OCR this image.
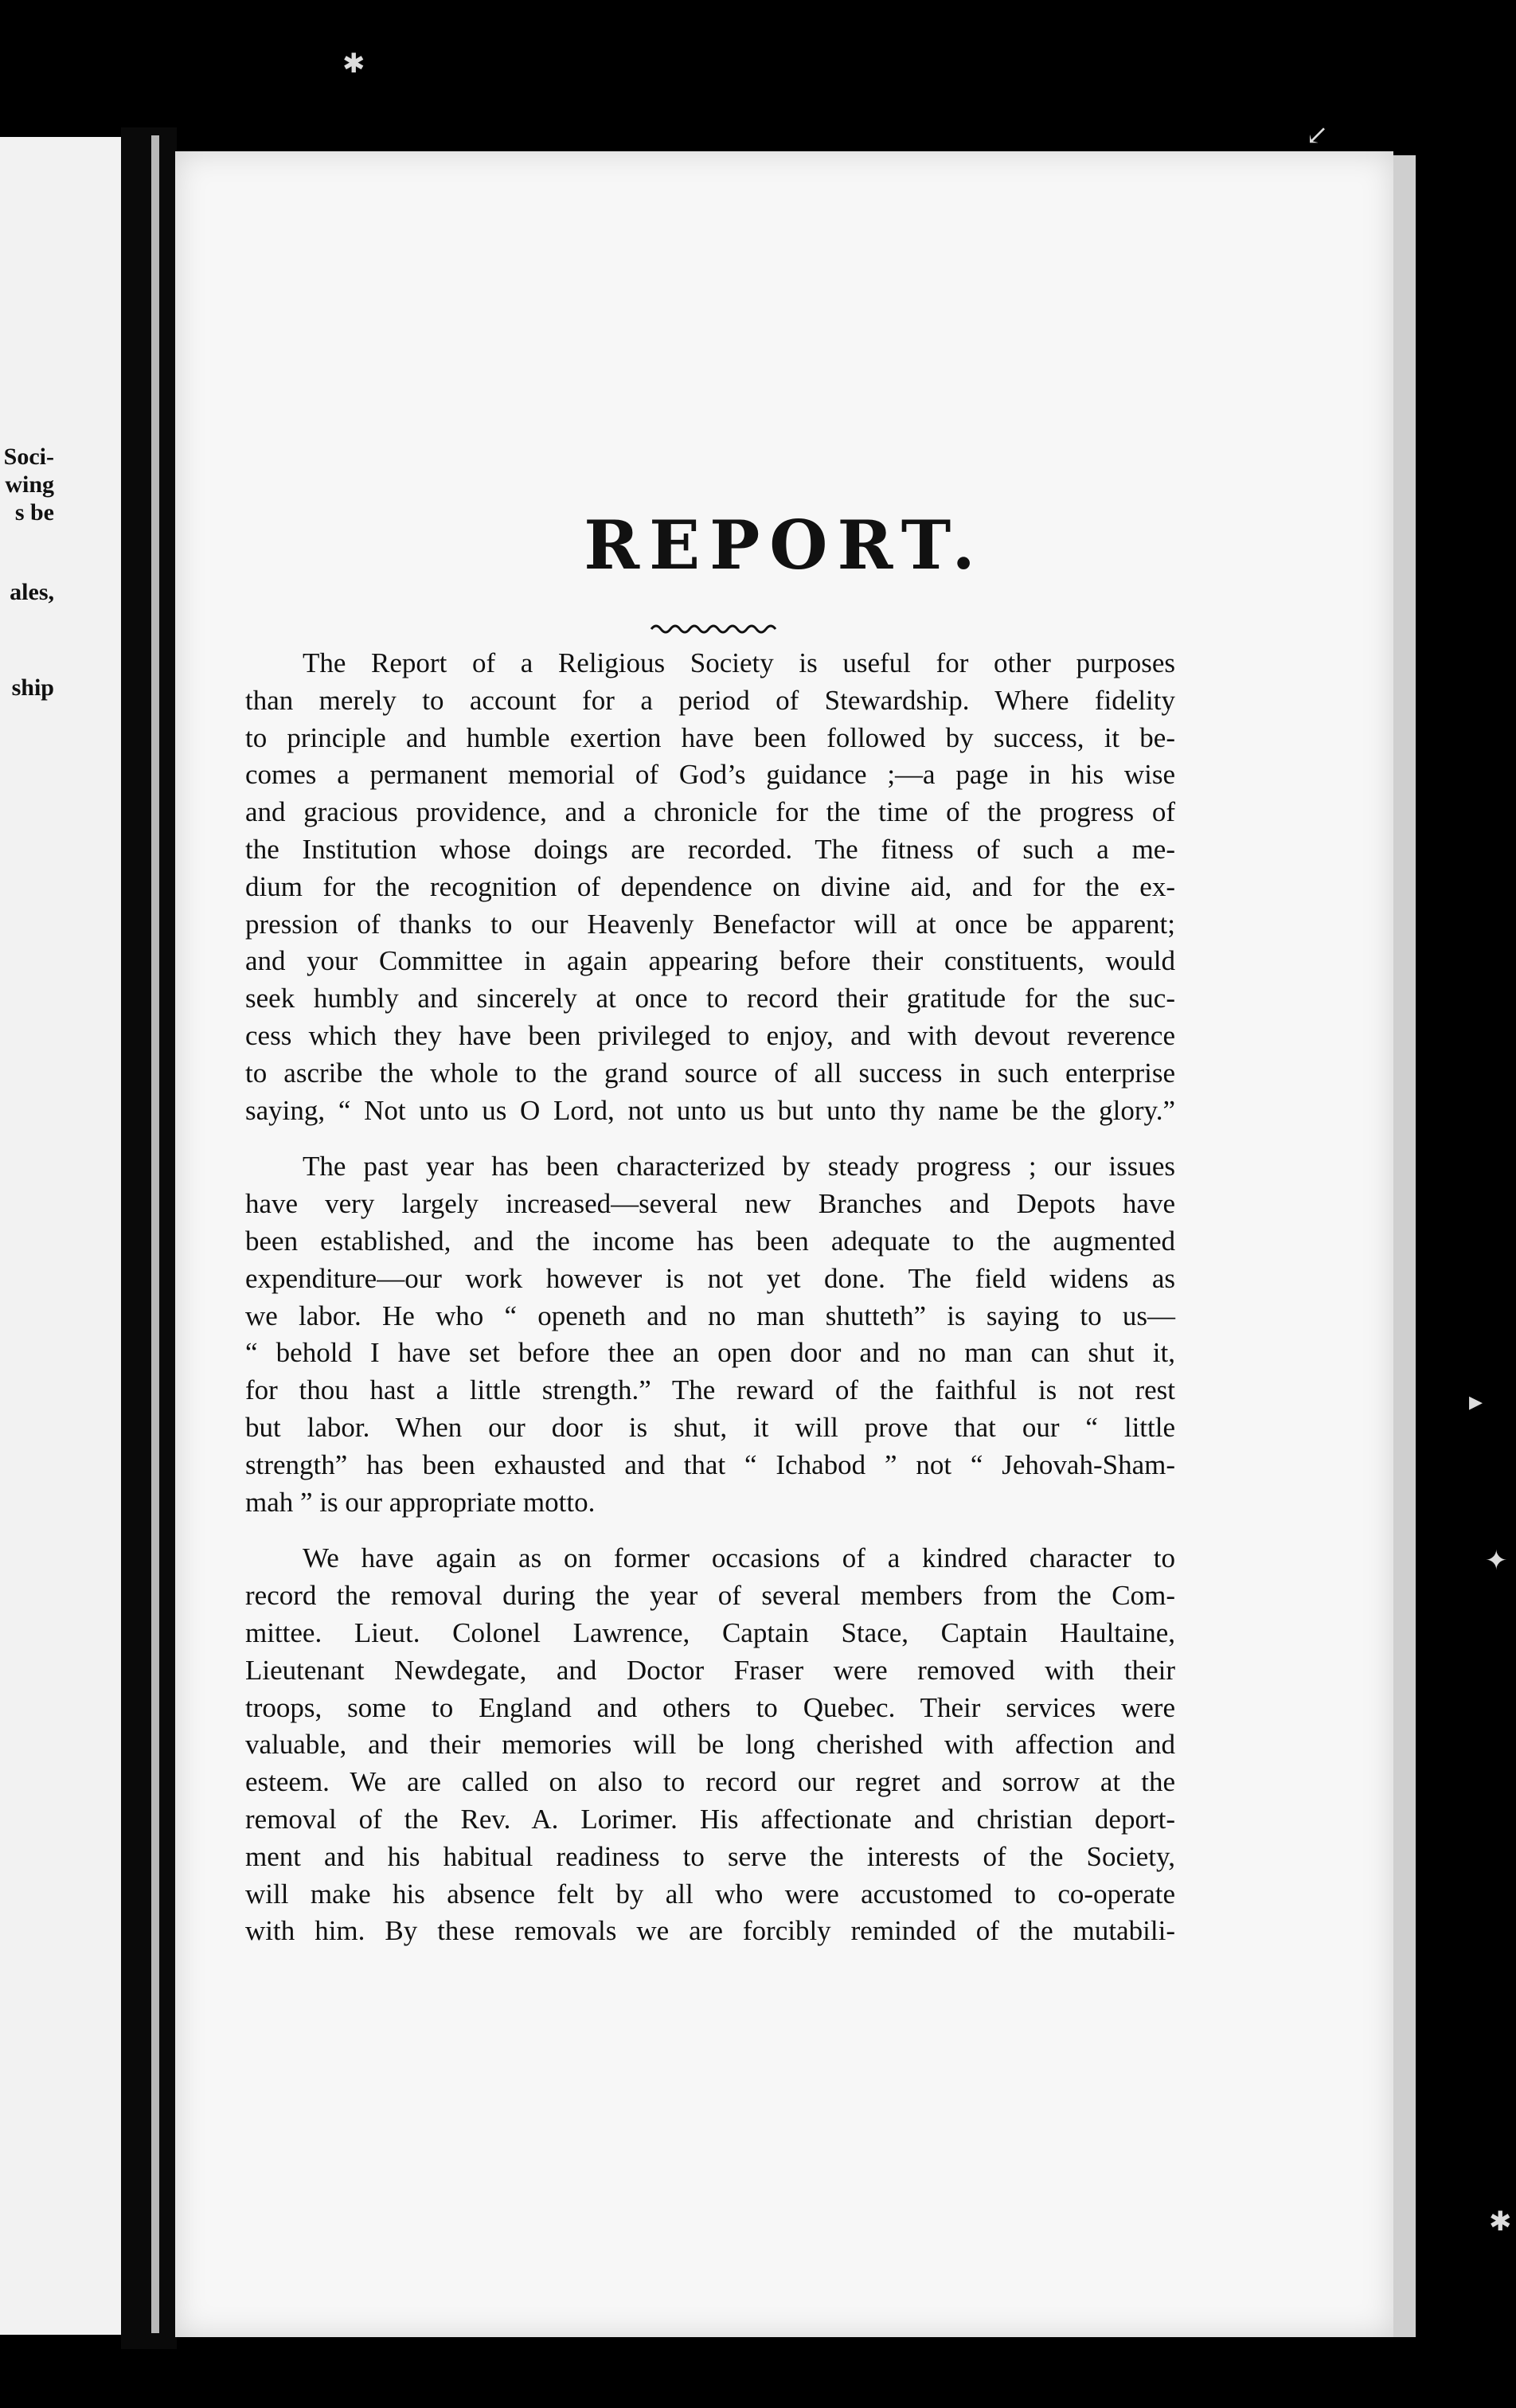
Soci-
wing
s be
ales,
ship
REPORT.

The Report of a Religious Society is useful for other purposes
than merely to account for a period of Stewardship. Where fidelity
to principle and humble exertion have been followed by success, it be-
comes a permanent memorial of God’s guidance ;—a page in his wise
and gracious providence, and a chronicle for the time of the progress of
the Institution whose doings are recorded. The fitness of such a me-
dium for the recognition of dependence on divine aid, and for the ex-
pression of thanks to our Heavenly Benefactor will at once be apparent;
and your Committee in again appearing before their constituents, would
seek humbly and sincerely at once to record their gratitude for the suc-
cess which they have been privileged to enjoy, and with devout reverence
to ascribe the whole to the grand source of all success in such enterprise
saying, “ Not unto us O Lord, not unto us but unto thy name be the glory.”

The past year has been characterized by steady progress ; our issues
have very largely increased—several new Branches and Depots have
been established, and the income has been adequate to the augmented
expenditure—our work however is not yet done. The field widens as
we labor. He who “ openeth and no man shutteth” is saying to us—
“ behold I have set before thee an open door and no man can shut it,
for thou hast a little strength.” The reward of the faithful is not rest
but labor. When our door is shut, it will prove that our “ little
strength” has been exhausted and that “ Ichabod ” not “ Jehovah-Sham-
mah ” is our appropriate motto.

We have again as on former occasions of a kindred character to
record the removal during the year of several members from the Com-
mittee. Lieut. Colonel Lawrence, Captain Stace, Captain Haultaine,
Lieutenant Newdegate, and Doctor Fraser were removed with their
troops, some to England and others to Quebec. Their services were
valuable, and their memories will be long cherished with affection and
esteem. We are called on also to record our regret and sorrow at the
removal of the Rev. A. Lorimer. His affectionate and christian deport-
ment and his habitual readiness to serve the interests of the Society,
will make his absence felt by all who were accustomed to co-operate
with him. By these removals we are forcibly reminded of the mutabili-

✱
↙
▸
✦
✱
